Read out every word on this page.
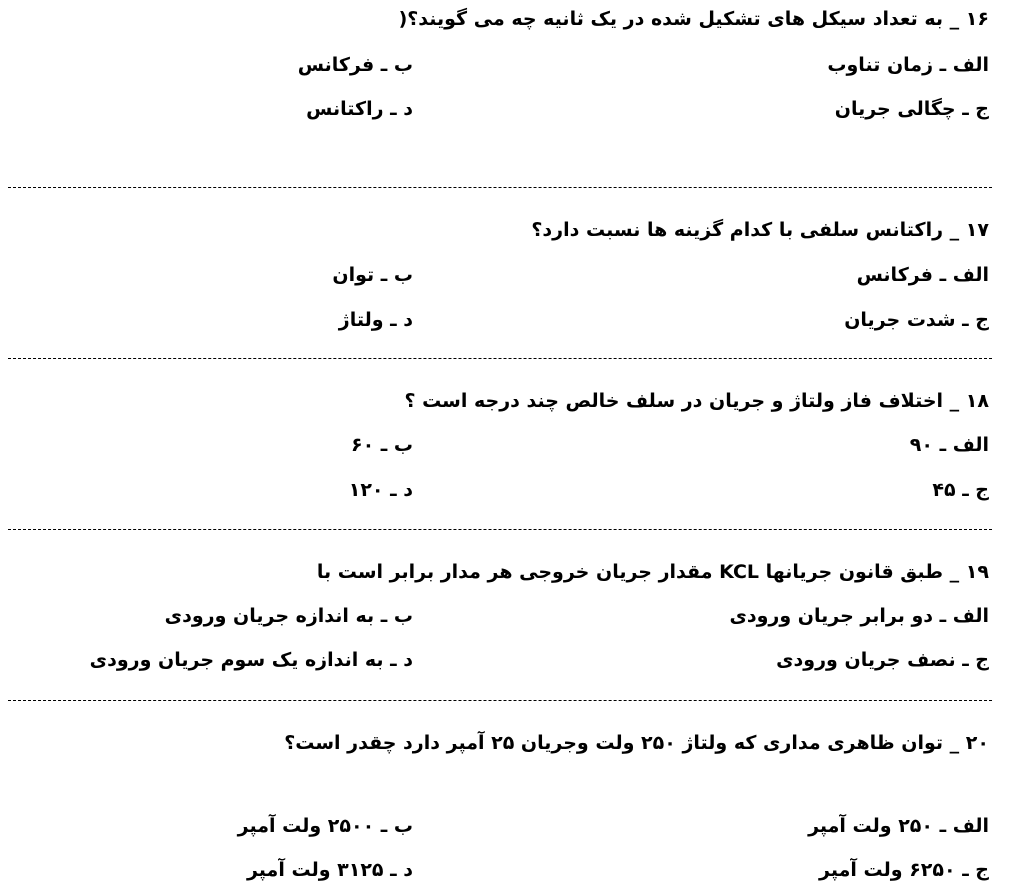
۱۶ _ به تعداد سیکل های تشکیل شده در یک ثانیه چه می گویند؟(
الف ـ زمان تناوب
ب ـ فرکانس
ج ـ چگالی جریان
د ـ راکتانس
۱۷ _ راکتانس سلفی با کدام گزینه ها نسبت دارد؟
الف ـ فرکانس
ب ـ توان
ج ـ شدت جریان
د ـ ولتاژ
۱۸ _ اختلاف فاز ولتاژ و جریان در سلف خالص چند درجه است ؟
الف ـ ۹۰
ب ـ ۶۰
ج ـ ۴۵
د ـ ۱۲۰
۱۹ _ طبق قانون جریانها KCL مقدار جریان خروجی هر مدار برابر است با
الف ـ دو برابر جریان ورودی
ب ـ به اندازه جریان ورودی
ج ـ نصف جریان ورودی
د ـ به اندازه یک سوم جریان ورودی
۲۰ _ توان ظاهری مداری که ولتاژ ۲۵۰ ولت وجریان ۲۵ آمپر دارد چقدر است؟
الف ـ ۲۵۰ ولت آمپر
ب ـ ۲۵۰۰ ولت آمپر
ج ـ ۶۲۵۰ ولت آمپر
د ـ ۳۱۲۵ ولت آمپر
